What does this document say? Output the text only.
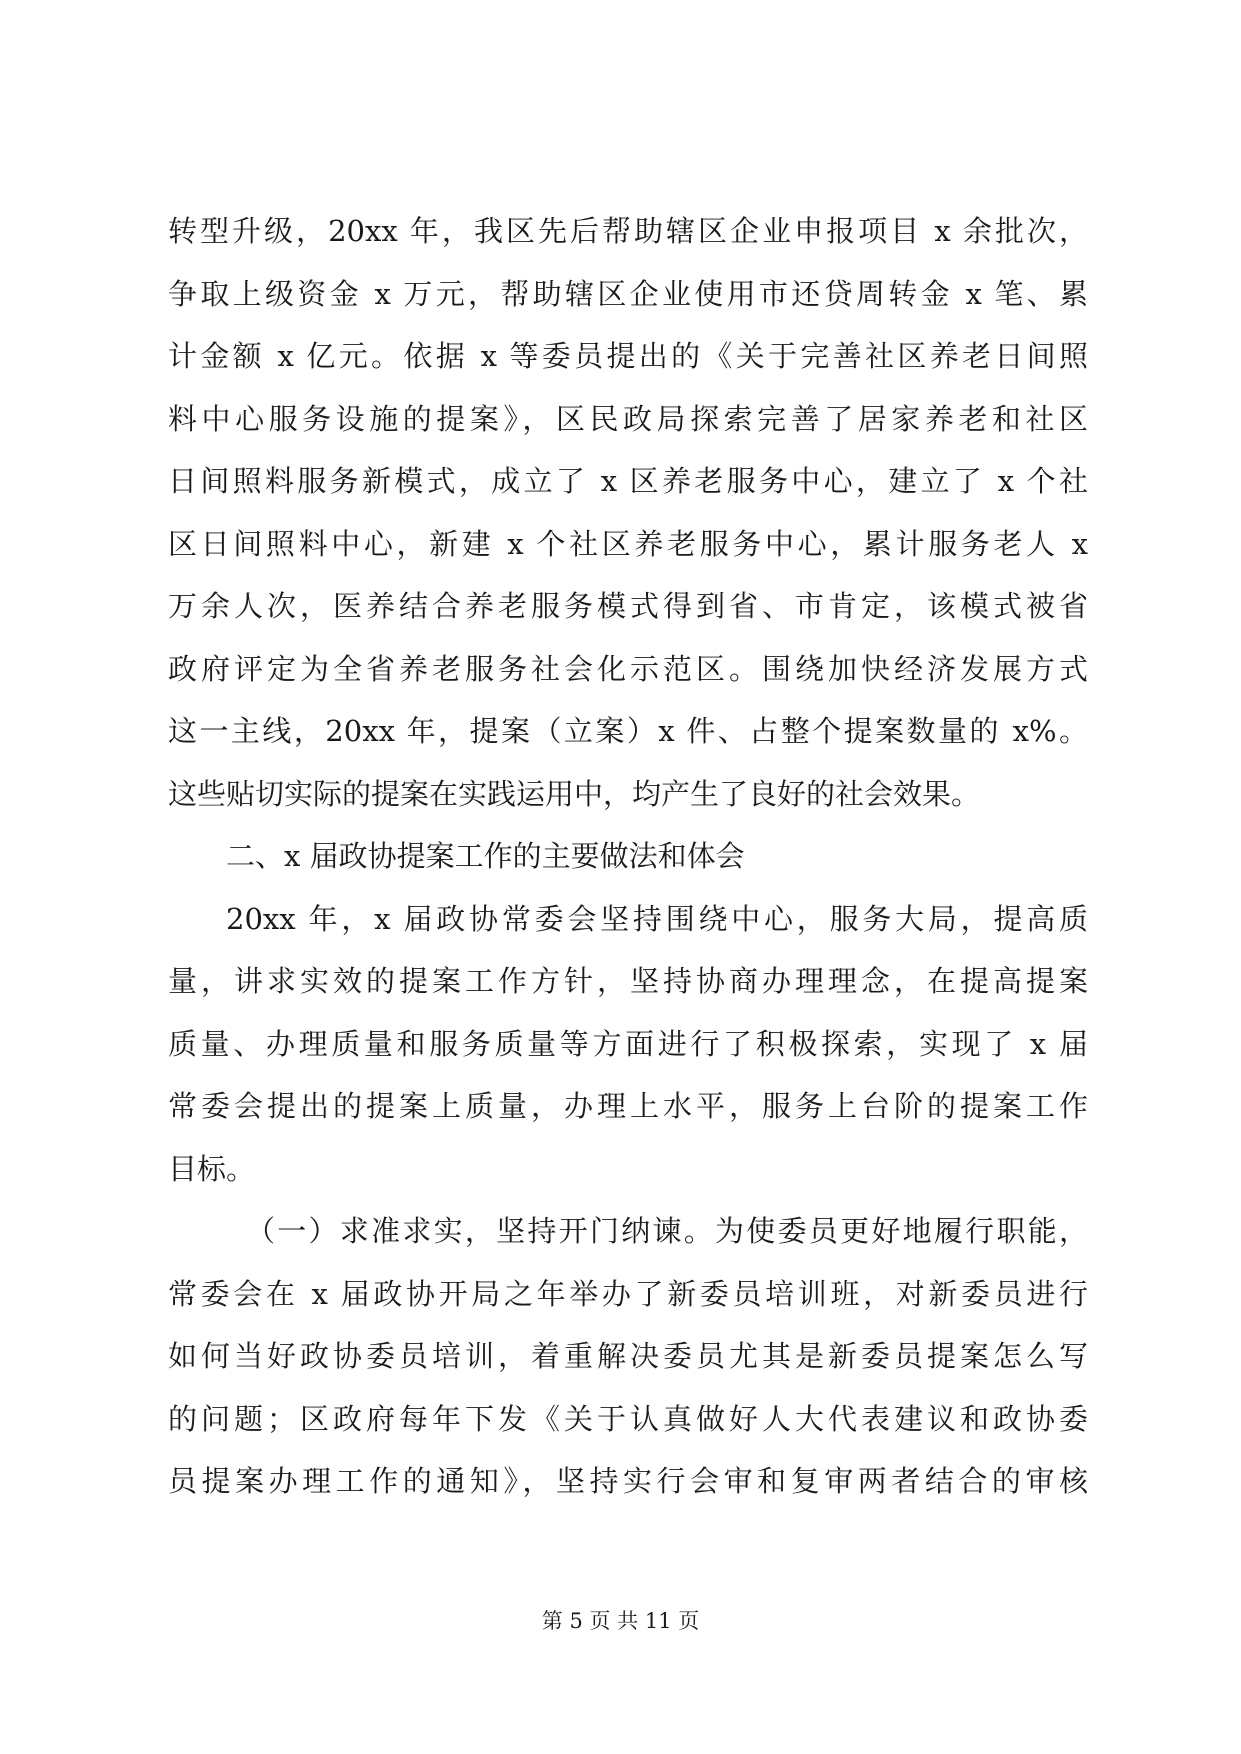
转型升级，20xx 年，我区先后帮助辖区企业申报项目 x 余批次，
争取上级资金 x 万元，帮助辖区企业使用市还贷周转金 x 笔、累
计金额 x 亿元。依据 x 等委员提出的《关于完善社区养老日间照
料中心服务设施的提案》，区民政局探索完善了居家养老和社区
日间照料服务新模式，成立了 x 区养老服务中心，建立了 x 个社
区日间照料中心，新建 x 个社区养老服务中心，累计服务老人 x
万余人次，医养结合养老服务模式得到省、市肯定，该模式被省
政府评定为全省养老服务社会化示范区。围绕加快经济发展方式
这一主线，20xx 年，提案（立案）x 件、占整个提案数量的 x%。
这些贴切实际的提案在实践运用中，均产生了良好的社会效果。
二、x 届政协提案工作的主要做法和体会
20xx 年，x 届政协常委会坚持围绕中心，服务大局，提高质
量，讲求实效的提案工作方针，坚持协商办理理念，在提高提案
质量、办理质量和服务质量等方面进行了积极探索，实现了 x 届
常委会提出的提案上质量，办理上水平，服务上台阶的提案工作
目标。
（一）求准求实，坚持开门纳谏。为使委员更好地履行职能，
常委会在 x 届政协开局之年举办了新委员培训班，对新委员进行
如何当好政协委员培训，着重解决委员尤其是新委员提案怎么写
的问题；区政府每年下发《关于认真做好人大代表建议和政协委
员提案办理工作的通知》，坚持实行会审和复审两者结合的审核
第 5 页 共 11 页
